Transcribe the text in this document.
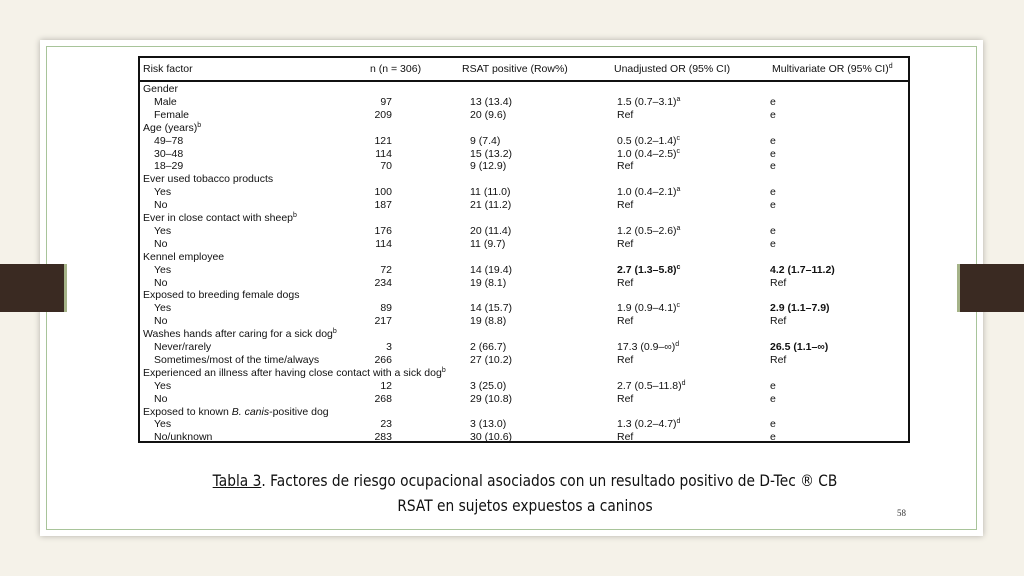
Risk factor	n (n = 306)	RSAT positive (Row%)	Unadjusted OR (95% CI)	Multivariate OR (95% CI)$^d$
Gender
Male	97	13 (13.4)	1.5 $(0.7-3.1)^a$	e
Female	209	20 (9.6)	Ref	e
Age (years)$^b$
49–78	121	9 (7.4)	0.5 $(0.2-1.4)^c$	e
30–48	114	15 (13.2)	1.0 $(0.4-2.5)^c$	e
18–29	70	9 (12.9)	Ref	e
Ever used tobacco products
Yes	100	11 (11.0)	1.0 $(0.4-2.1)^a$	e
No	187	21 (11.2)	Ref	e
Ever in close contact with sheep$^b$
Yes	176	20 (11.4)	1.2 $(0.5-2.6)^a$	e
No	114	11 (9.7)	Ref	e
Kennel employee
Yes	72	14 (19.4)	2.7 $(1.3-5.8)^c$	4.2 (1.7–11.2)
No	234	19 (8.1)	Ref	Ref
Exposed to breeding female dogs
Yes	89	14 (15.7)	1.9 $(0.9-4.1)^c$	2.9 (1.1–7.9)
No	217	19 (8.8)	Ref	Ref
Washes hands after caring for a sick dog$^b$
Never/rarely	3	2 (66.7)	17.3 $(0.9-\infty)^d$	26.5 (1.1–∞)
Sometimes/most of the time/always	266	27 (10.2)	Ref	Ref
Experienced an illness after having close contact with a sick dog$^b$
Yes	12	3 (25.0)	2.7 $(0.5-11.8)^d$	e
No	268	29 (10.8)	Ref	e
Exposed to known B. canis-positive dog
Yes	23	3 (13.0)	1.3 $(0.2-4.7)^d$	e
No/unknown	283	30 (10.6)	Ref	e
Tabla 3. Factores de riesgo ocupacional asociados con un resultado positivo de D-Tec ® CB RSAT en sujetos expuestos a caninos	58
